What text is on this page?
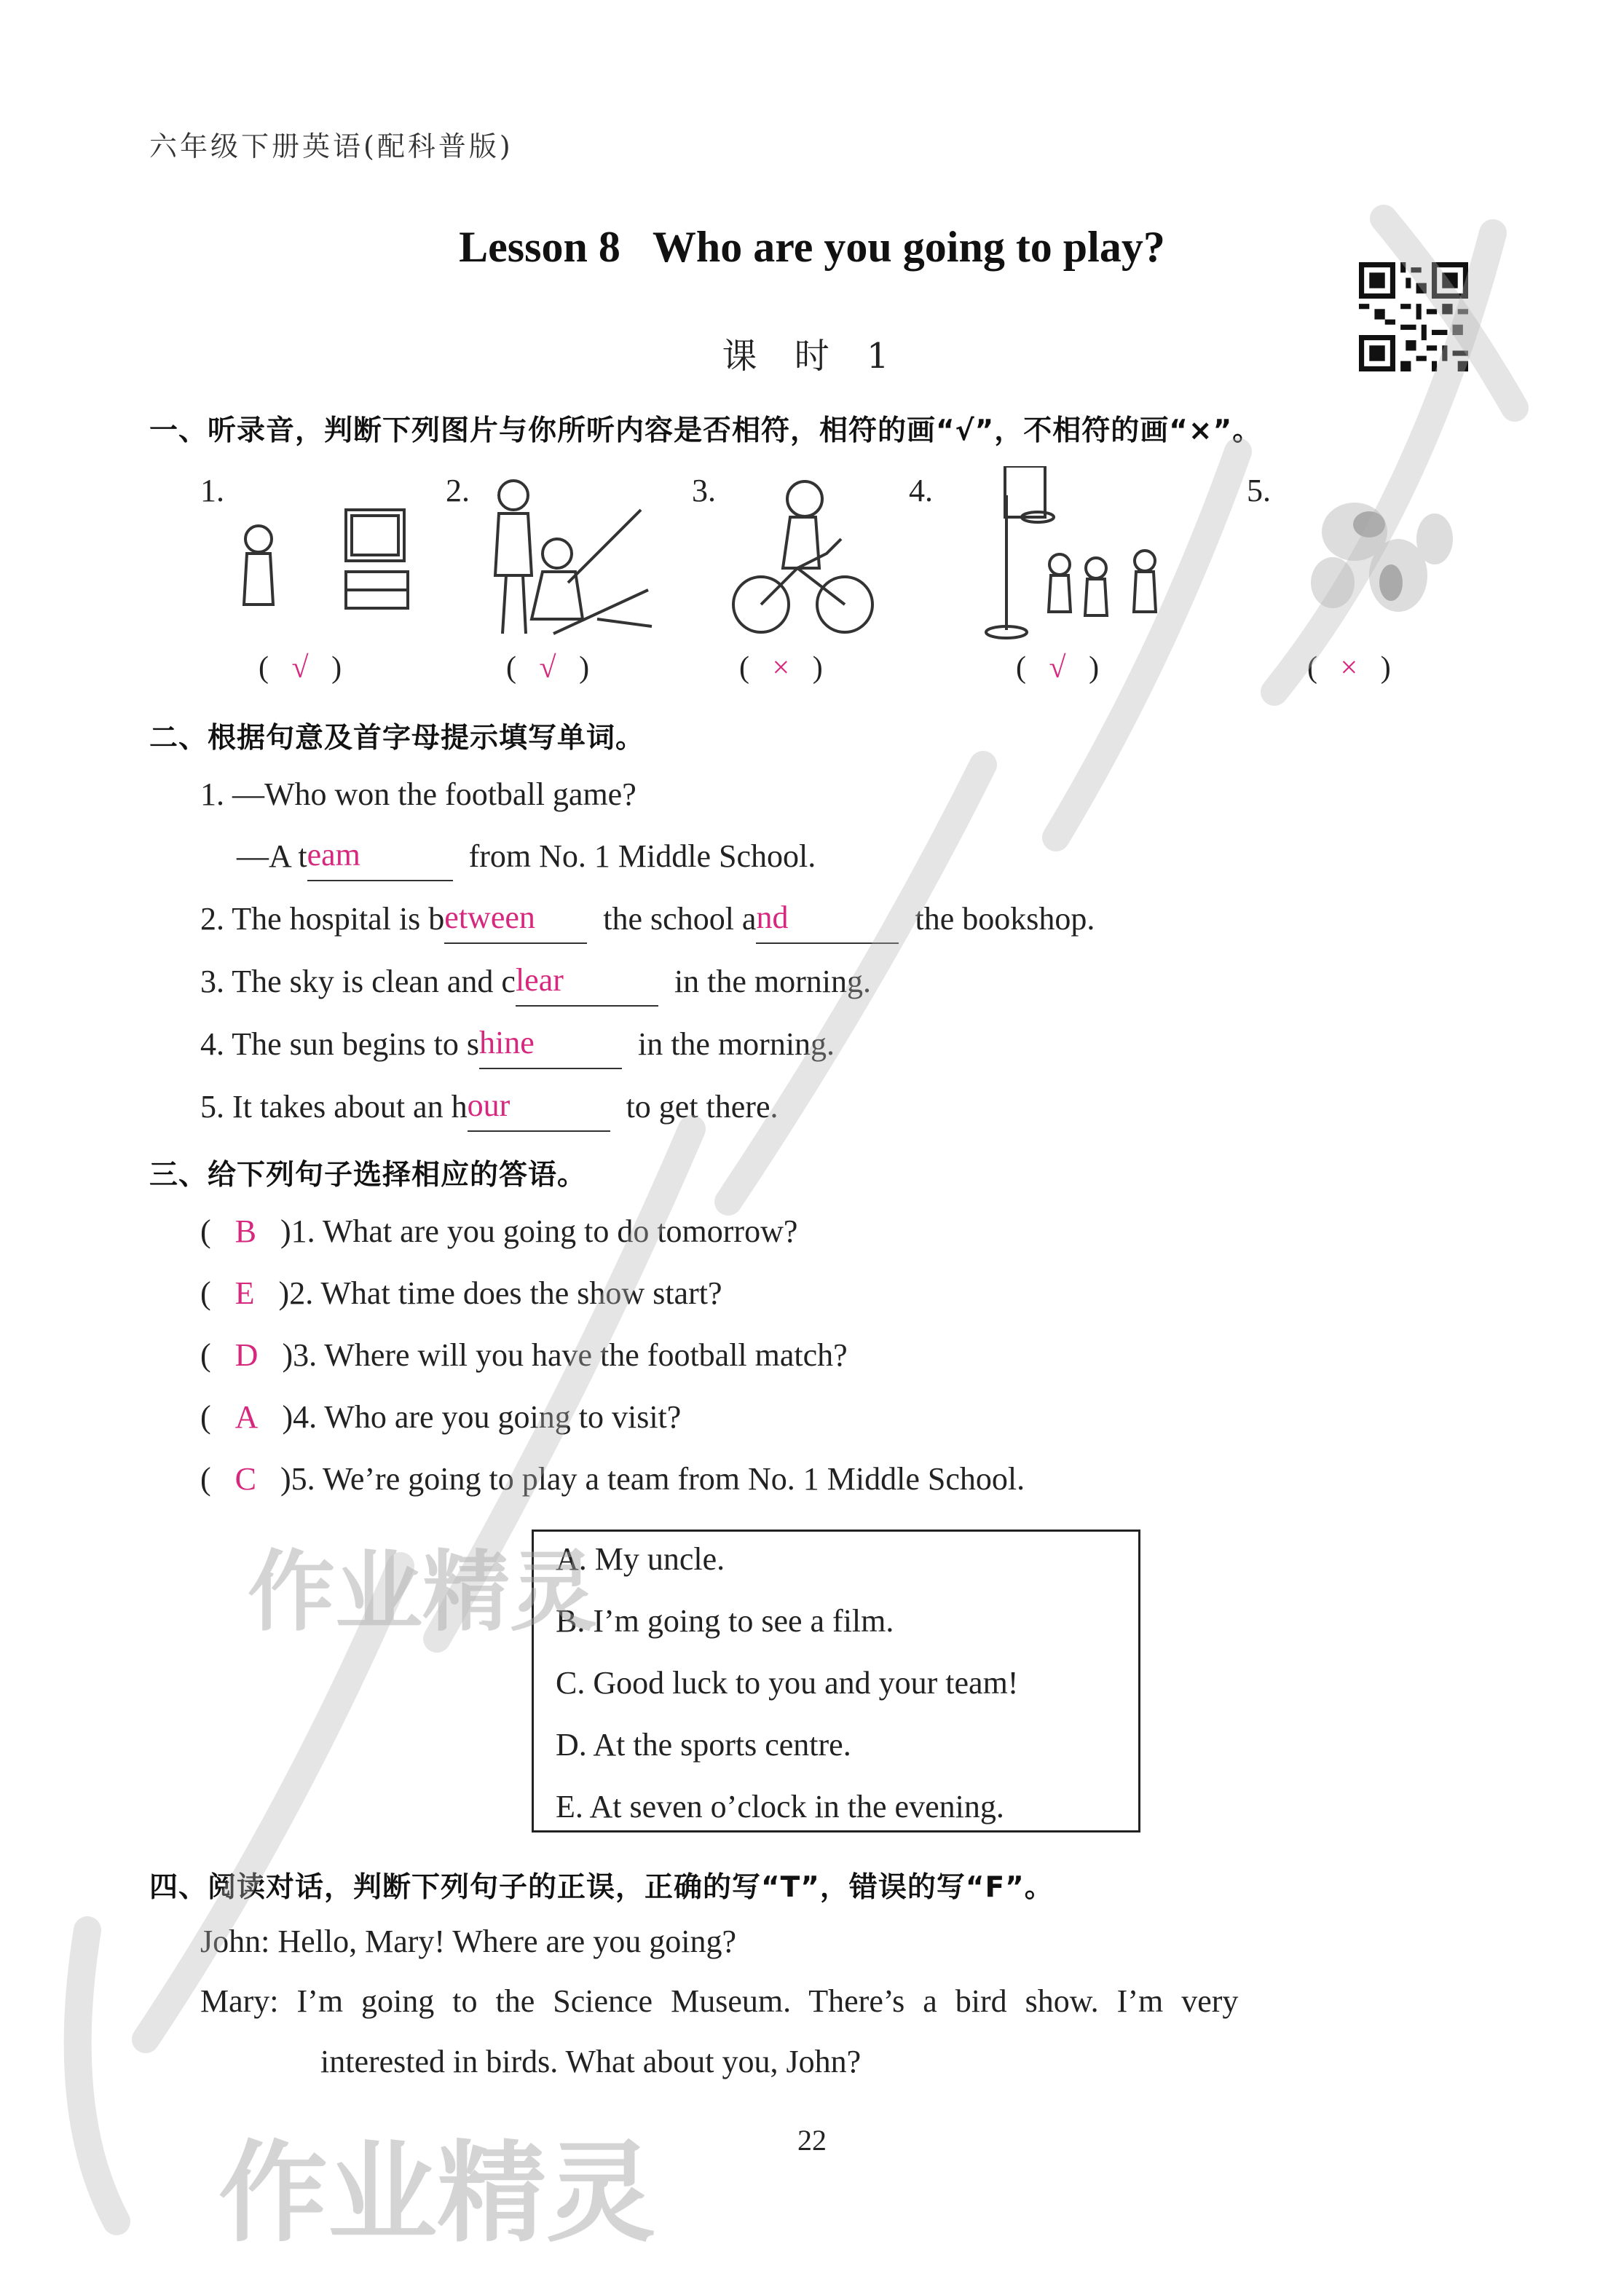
六年级下册英语(配科普版)
Lesson 8 Who are you going to play?
课 时 1
一、听录音，判断下列图片与你所听内容是否相符，相符的画“√”，不相符的画“×”。
1.
(   √   )
2.
(   √   )
3.
(   ×   )
4.
(   √   )
5.
(   ×   )
二、根据句意及首字母提示填写单词。
1. —Who won the football game?
—A team	from No. 1 Middle School.
2. The hospital is between the school and	the bookshop.
3. The sky is clean and clear	in the morning.
4. The sun begins to shine	in the morning.
5. It takes about an hour	to get there.
三、给下列句子选择相应的答语。
(   B )1. What are you going to do tomorrow?
(   E )2. What time does the show start?
(   D )3. Where will you have the football match?
(   A )4. Who are you going to visit?
(   C )5. We’re going to play a team from No. 1 Middle School.
A. My uncle.
B. I’m going to see a film.
C. Good luck to you and your team!
D. At the sports centre.
E. At seven o’clock in the evening.
四、阅读对话，判断下列句子的正误，正确的写“T”，错误的写“F”。
John: Hello, Mary! Where are you going?
Mary: I’m going to the Science Museum. There’s a bird show. I’m very
interested in birds. What about you, John?
22
作业精灵
作业精灵
